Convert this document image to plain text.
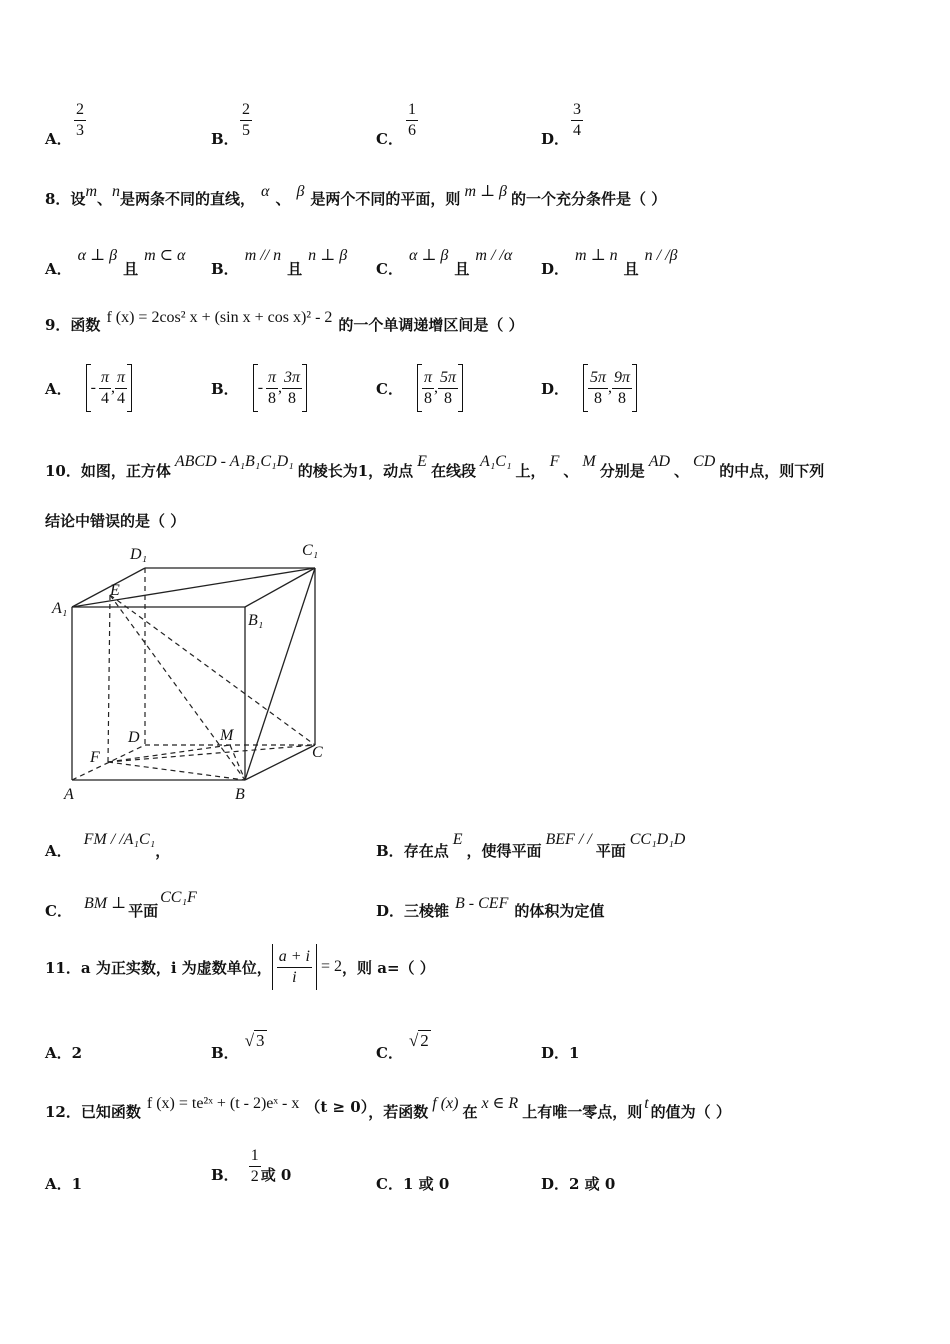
A． $\frac{2}{3}$	B． $\frac{2}{5}$	C． $\frac{1}{6}$	D． $\frac{3}{4}$
8．设m、n是两条不同的直线， α 、 β 是两个不同的平面，则 m ⊥ β 的一个充分条件是（ ）
A．α ⊥ β且m ⊂ α
B．m // n且n ⊥ β
C．α ⊥ β且m / /α
D．m ⊥ n且n / /β
9．函数 f (x) = 2cos² x + (sin x + cos x)² - 2 的一个单调递增区间是（ ）
A． - $\frac{\pi}{4}$ , $\frac{\pi}{4}$	B． - $\frac{\pi}{8}$ , $\frac{3\pi}{8}$	C． $\frac{\pi}{8}$ , $\frac{5\pi}{8}$	D． $\frac{5\pi}{8}$ , $\frac{9\pi}{8}$
10．如图，正方体ABCD - A₁B₁C₁D₁的棱长为1，动点E在线段A₁C₁上，F、M分别是AD、CD的中点，则下列
结论中错误的是（ ）
D₁	C₁
A₁
E
B₁
D	M
F	C
A	B
A．FM / /A₁C₁，	B．存在点E，使得平面BEF / /平面CC₁D₁D
C． BM ⊥ 平面CC₁F
D．三棱锥 B - CEF 的体积为定值
11．a 为正实数，i 为虚数单位， $\frac{a + i}{i} = 2$ ，则 a=（ ）
A．2	B．√ 3
C．√ 2
D．1
12．已知函数 f (x) = te²ˣ + (t - 2)eˣ - x （t ≥ 0），若函数 f (x) 在 x ∈ R 上有唯一零点，则 t 的值为（ ）
A．1	B． $\frac{1}{2}$ 或 0	C．1 或 0	D．2 或 0
